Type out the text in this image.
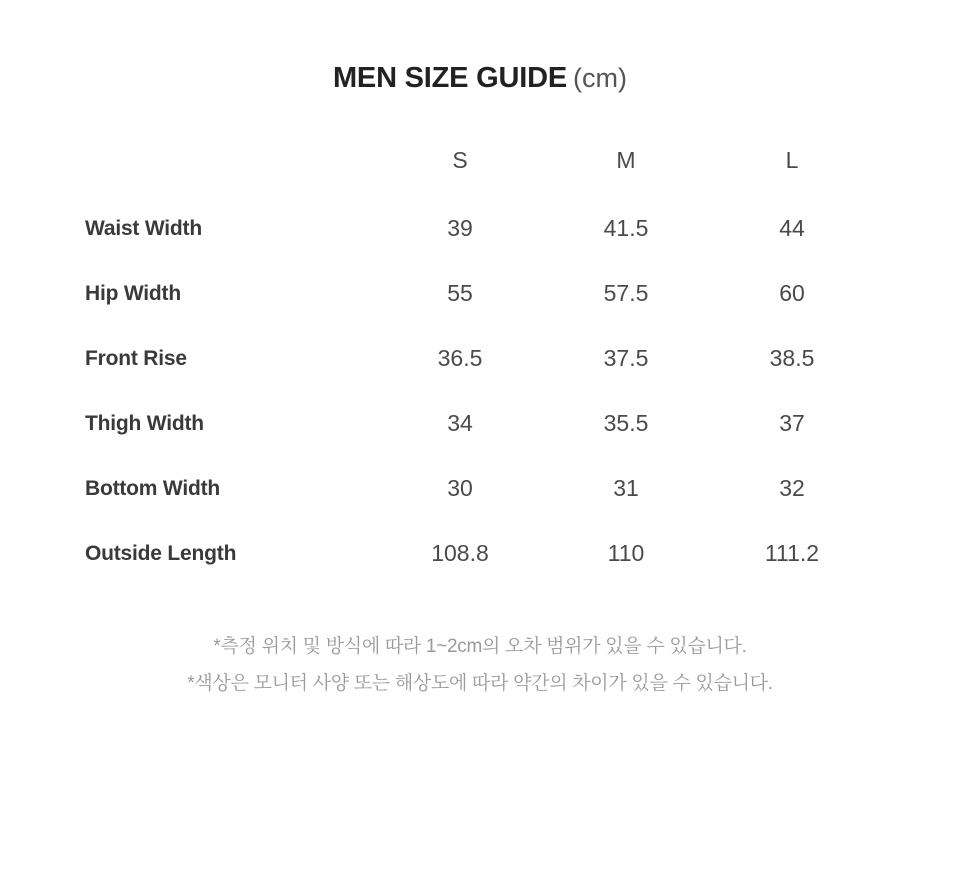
MEN SIZE GUIDE (cm)
	S	M	L
Waist Width	39	41.5	44
Hip Width	55	57.5	60
Front Rise	36.5	37.5	38.5
Thigh Width	34	35.5	37
Bottom Width	30	31	32
Outside Length	108.8	110	111.2
*측정 위치 및 방식에 따라 1~2cm의 오차 범위가 있을 수 있습니다.
*색상은 모니터 사양 또는 해상도에 따라 약간의 차이가 있을 수 있습니다.
